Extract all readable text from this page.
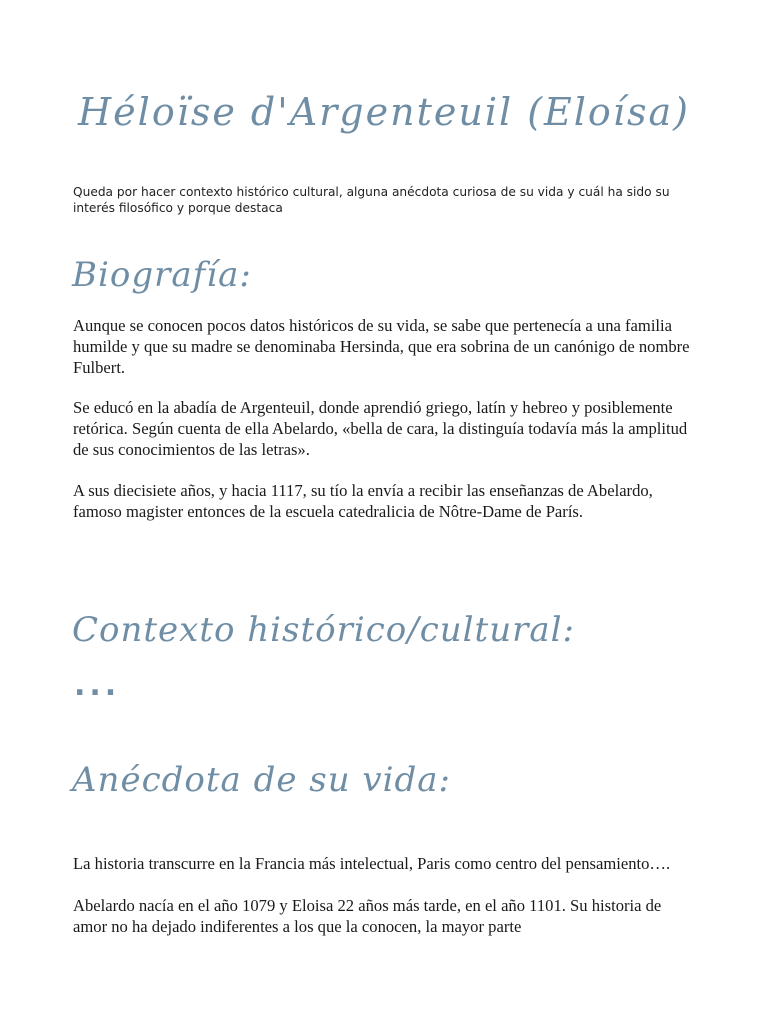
Héloïse d'Argenteuil (Eloísa)
Queda por hacer contexto histórico cultural, alguna anécdota curiosa de su vida y cuál ha sido su interés filosófico y porque destaca
Biografía:

Aunque se conocen pocos datos históricos de su vida, se sabe que pertenecía a una familia humilde y que su madre se denominaba Hersinda, que era sobrina de un canónigo de nombre Fulbert.

Se educó en la abadía de Argenteuil, donde aprendió griego, latín y hebreo y posiblemente retórica. Según cuenta de ella Abelardo, «bella de cara, la distinguía todavía más la amplitud de sus conocimientos de las letras».

A sus diecisiete años, y hacia 1117, su tío la envía a recibir las enseñanzas de Abelardo, famoso magister entonces de la escuela catedralicia de Nôtre-Dame de París.

Contexto histórico/cultural:
...
Anécdota de su vida:

La historia transcurre en la Francia más intelectual, Paris como centro del pensamiento….

Abelardo nacía en el año 1079 y Eloisa 22 años más tarde, en el año 1101. Su historia de amor no ha dejado indiferentes a los que la conocen, la mayor parte
